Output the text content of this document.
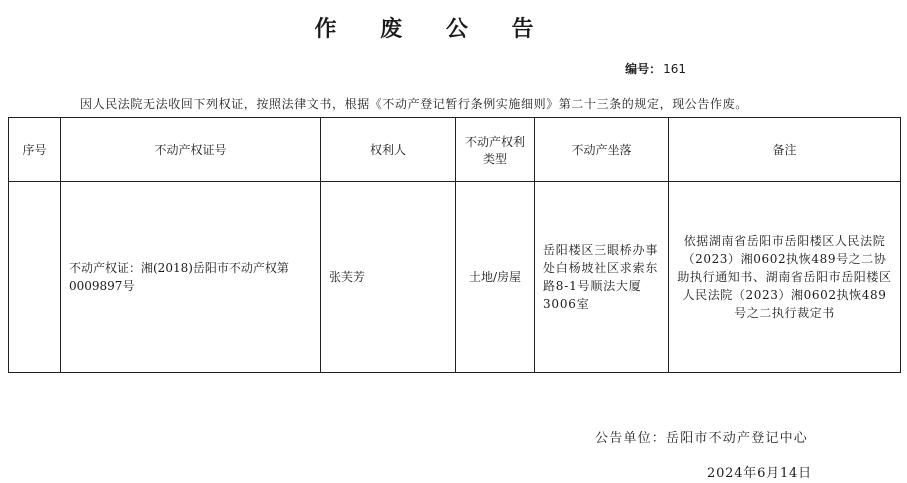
作 废 公 告
编号： 161
因人民法院无法收回下列权证，按照法律文书，根据《不动产登记暂行条例实施细则》第二十三条的规定，现公告作废。
序号	不动产权证号	权利人	不动产权利类型	不动产坐落	备注
	不动产权证：湘(2018)岳阳市不动产权第0009897号	张芙芳	土地/房屋	岳阳楼区三眼桥办事处白杨坡社区求索东路8-1号顺法大厦3006室	依据湖南省岳阳市岳阳楼区人民法院（2023）湘0602执恢489号之二协助执行通知书、湖南省岳阳市岳阳楼区人民法院（2023）湘0602执恢489号之二执行裁定书
公告单位：岳阳市不动产登记中心
2024年6月14日
